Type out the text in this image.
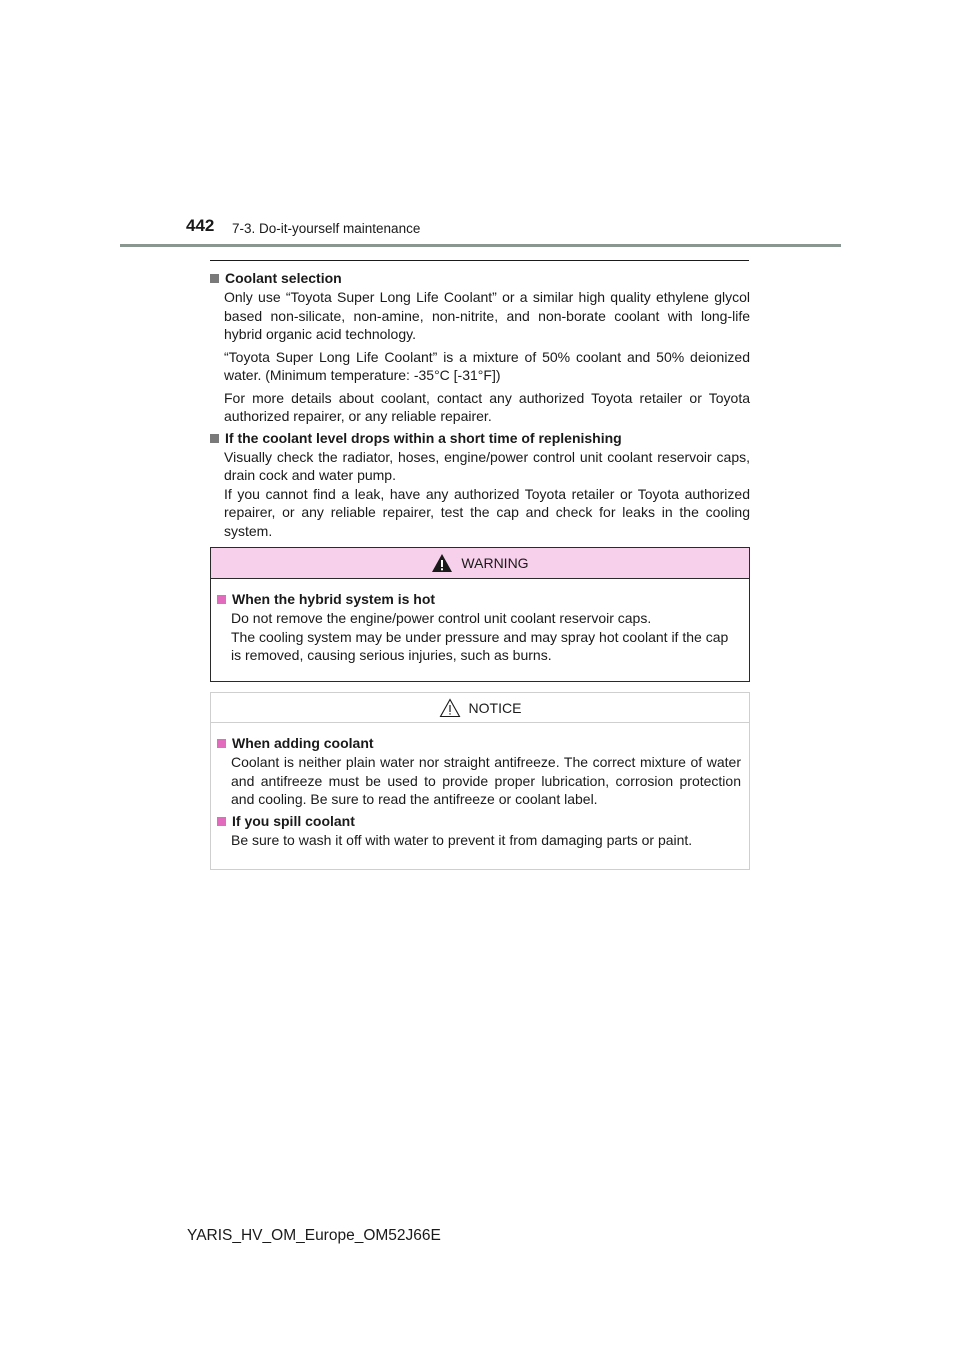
442 7-3. Do-it-yourself maintenance
Coolant selection

Only use “Toyota Super Long Life Coolant” or a similar high quality ethylene glycol based non-silicate, non-amine, non-nitrite, and non-borate coolant with long-life hybrid organic acid technology.

“Toyota Super Long Life Coolant” is a mixture of 50% coolant and 50% deionized water. (Minimum temperature: -35°C [-31°F])

For more details about coolant, contact any authorized Toyota retailer or Toyota authorized repairer, or any reliable repairer.

If the coolant level drops within a short time of replenishing

Visually check the radiator, hoses, engine/power control unit coolant reservoir caps, drain cock and water pump.
If you cannot find a leak, have any authorized Toyota retailer or Toyota authorized repairer, or any reliable repairer, test the cap and check for leaks in the cooling system.

WARNING
When the hybrid system is hot

Do not remove the engine/power control unit coolant reservoir caps.
The cooling system may be under pressure and may spray hot coolant if the cap is removed, causing serious injuries, such as burns.

NOTICE
When adding coolant

Coolant is neither plain water nor straight antifreeze. The correct mixture of water and antifreeze must be used to provide proper lubrication, corrosion protection and cooling. Be sure to read the antifreeze or coolant label.

If you spill coolant

Be sure to wash it off with water to prevent it from damaging parts or paint.

YARIS_HV_OM_Europe_OM52J66E
